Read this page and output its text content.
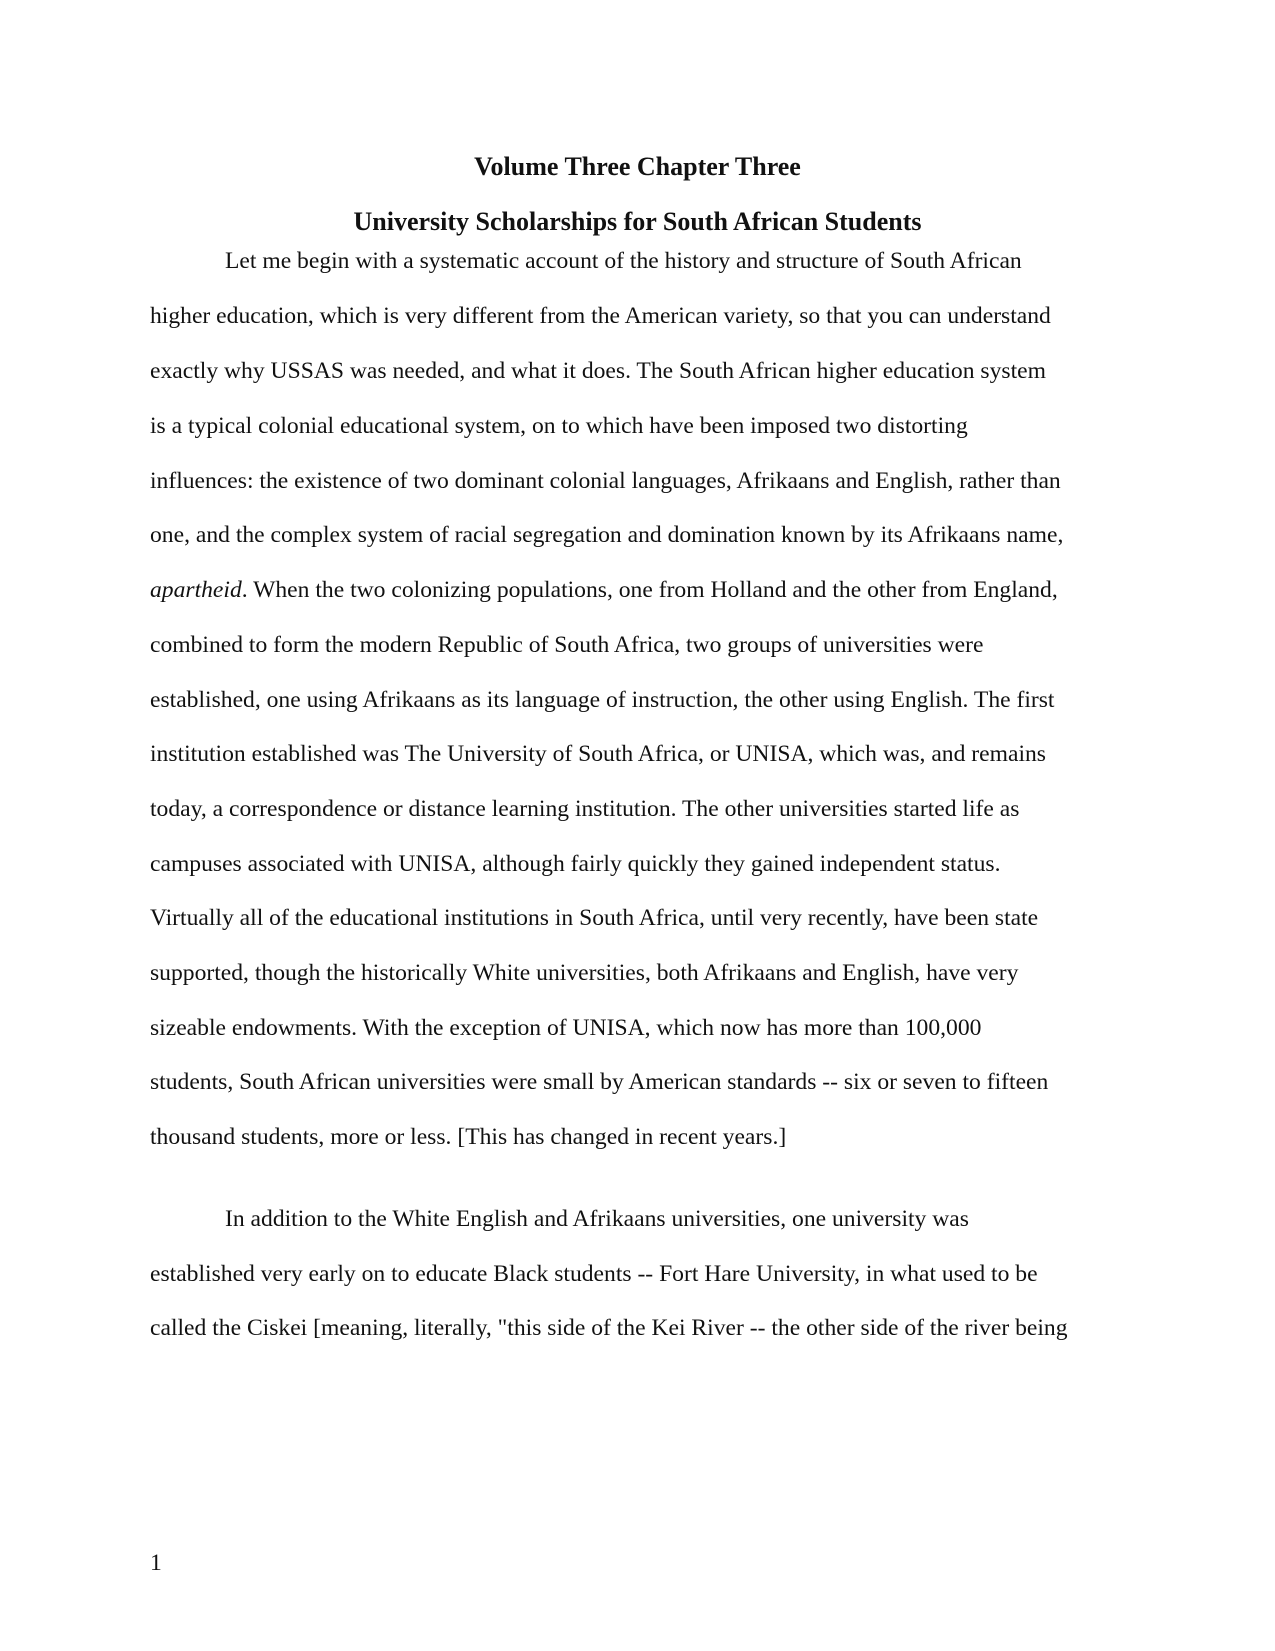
Volume Three Chapter Three
University Scholarships for South African Students
Let me begin with a systematic account of the history and structure of South African
higher education, which is very different from the American variety, so that you can understand
exactly why USSAS was needed, and what it does. The South African higher education system
is a typical colonial educational system, on to which have been imposed two distorting
influences: the existence of two dominant colonial languages, Afrikaans and English, rather than
one, and the complex system of racial segregation and domination known by its Afrikaans name,
apartheid. When the two colonizing populations, one from Holland and the other from England,
combined to form the modern Republic of South Africa, two groups of universities were
established, one using Afrikaans as its language of instruction, the other using English. The first
institution established was The University of South Africa, or UNISA, which was, and remains
today, a correspondence or distance learning institution. The other universities started life as
campuses associated with UNISA, although fairly quickly they gained independent status.
Virtually all of the educational institutions in South Africa, until very recently, have been state
supported, though the historically White universities, both Afrikaans and English, have very
sizeable endowments. With the exception of UNISA, which now has more than 100,000
students, South African universities were small by American standards -- six or seven to fifteen
thousand students, more or less. [This has changed in recent years.]
In addition to the White English and Afrikaans universities, one university was
established very early on to educate Black students -- Fort Hare University, in what used to be
called the Ciskei [meaning, literally, "this side of the Kei River -- the other side of the river being
1
